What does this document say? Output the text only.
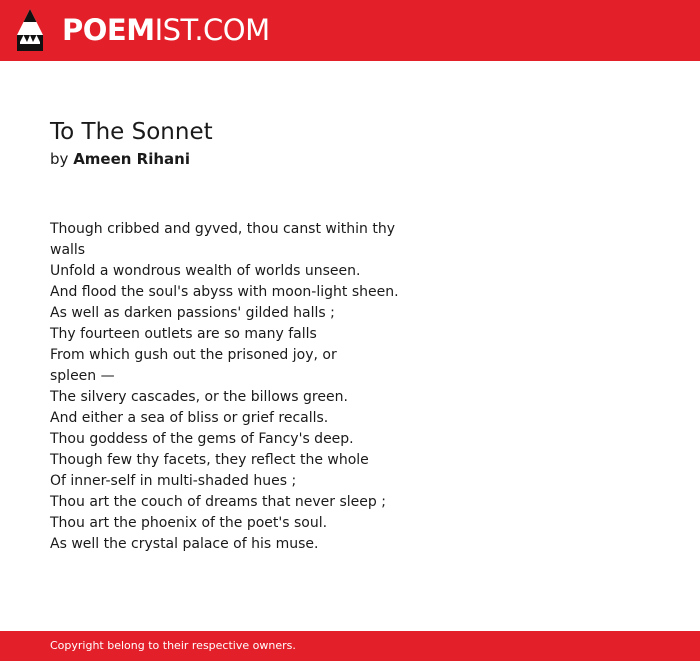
POEMIST.COM
To The Sonnet
by Ameen Rihani
Though cribbed and gyved, thou canst within thy
walls
Unfold a wondrous wealth of worlds unseen.
And flood the soul's abyss with moon-light sheen.
As well as darken passions' gilded halls ;
Thy fourteen outlets are so many falls
From which gush out the prisoned joy, or
spleen —
The silvery cascades, or the billows green.
And either a sea of bliss or grief recalls.
Thou goddess of the gems of Fancy's deep.
Though few thy facets, they reflect the whole
Of inner-self in multi-shaded hues ;
Thou art the couch of dreams that never sleep ;
Thou art the phoenix of the poet's soul.
As well the crystal palace of his muse.
Copyright belong to their respective owners.
